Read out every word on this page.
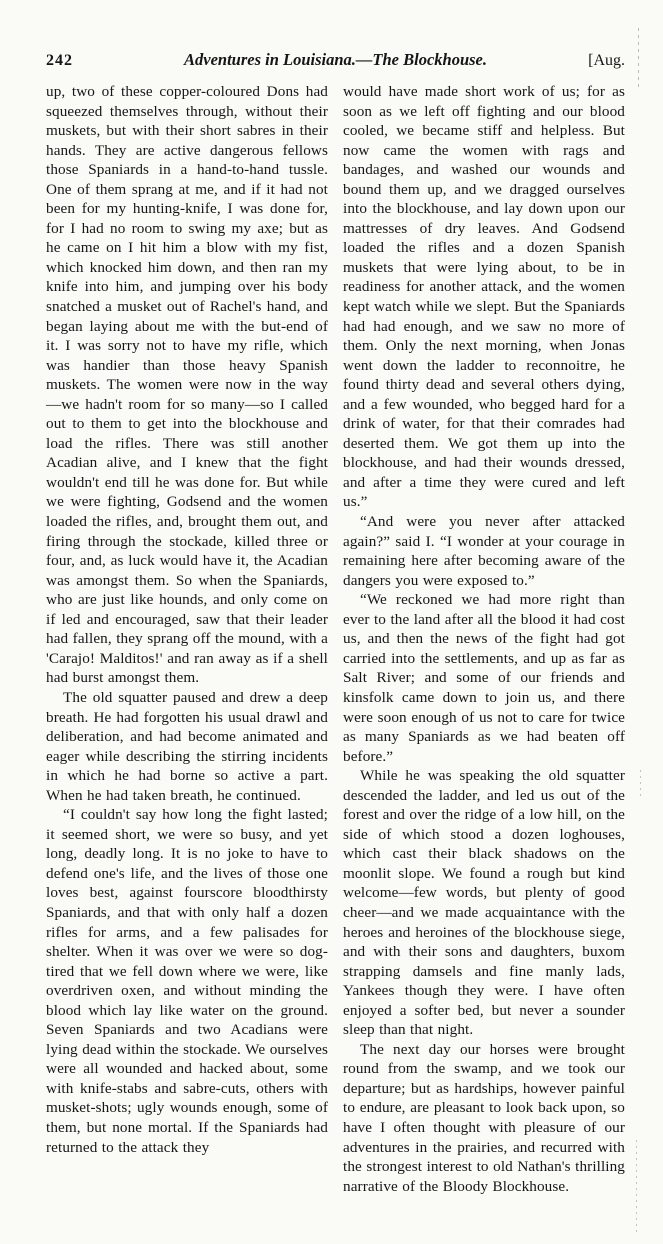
242	Adventures in Louisiana.—The Blockhouse.	[Aug.

up, two of these copper-coloured Dons had squeezed themselves through, without their muskets, but with their short sabres in their hands. They are active dangerous fellows those Spaniards in a hand-to-hand tussle. One of them sprang at me, and if it had not been for my hunting-knife, I was done for, for I had no room to swing my axe; but as he came on I hit him a blow with my fist, which knocked him down, and then ran my knife into him, and jumping over his body snatched a musket out of Rachel's hand, and began laying about me with the but-end of it. I was sorry not to have my rifle, which was handier than those heavy Spanish muskets. The women were now in the way—we hadn't room for so many—so I called out to them to get into the blockhouse and load the rifles. There was still another Acadian alive, and I knew that the fight wouldn't end till he was done for. But while we were fighting, Godsend and the women loaded the rifles, and, brought them out, and firing through the stockade, killed three or four, and, as luck would have it, the Acadian was amongst them. So when the Spaniards, who are just like hounds, and only come on if led and encouraged, saw that their leader had fallen, they sprang off the mound, with a 'Carajo! Malditos!' and ran away as if a shell had burst amongst them.

The old squatter paused and drew a deep breath. He had forgotten his usual drawl and deliberation, and had become animated and eager while describing the stirring incidents in which he had borne so active a part. When he had taken breath, he continued.

“I couldn't say how long the fight lasted; it seemed short, we were so busy, and yet long, deadly long. It is no joke to have to defend one's life, and the lives of those one loves best, against fourscore bloodthirsty Spaniards, and that with only half a dozen rifles for arms, and a few palisades for shelter. When it was over we were so dog-tired that we fell down where we were, like overdriven oxen, and without minding the blood which lay like water on the ground. Seven Spaniards and two Acadians were lying dead within the stockade. We ourselves were all wounded and hacked about, some with knife-stabs and sabre-cuts, others with musket-shots; ugly wounds enough, some of them, but none mortal. If the Spaniards had returned to the attack they

would have made short work of us; for as soon as we left off fighting and our blood cooled, we became stiff and helpless. But now came the women with rags and bandages, and washed our wounds and bound them up, and we dragged ourselves into the blockhouse, and lay down upon our mattresses of dry leaves. And Godsend loaded the rifles and a dozen Spanish muskets that were lying about, to be in readiness for another attack, and the women kept watch while we slept. But the Spaniards had had enough, and we saw no more of them. Only the next morning, when Jonas went down the ladder to reconnoitre, he found thirty dead and several others dying, and a few wounded, who begged hard for a drink of water, for that their comrades had deserted them. We got them up into the blockhouse, and had their wounds dressed, and after a time they were cured and left us.”

“And were you never after attacked again?” said I. “I wonder at your courage in remaining here after becoming aware of the dangers you were exposed to.”

“We reckoned we had more right than ever to the land after all the blood it had cost us, and then the news of the fight had got carried into the settlements, and up as far as Salt River; and some of our friends and kinsfolk came down to join us, and there were soon enough of us not to care for twice as many Spaniards as we had beaten off before.”

While he was speaking the old squatter descended the ladder, and led us out of the forest and over the ridge of a low hill, on the side of which stood a dozen loghouses, which cast their black shadows on the moonlit slope. We found a rough but kind welcome—few words, but plenty of good cheer—and we made acquaintance with the heroes and heroines of the blockhouse siege, and with their sons and daughters, buxom strapping damsels and fine manly lads, Yankees though they were. I have often enjoyed a softer bed, but never a sounder sleep than that night.

The next day our horses were brought round from the swamp, and we took our departure; but as hardships, however painful to endure, are pleasant to look back upon, so have I often thought with pleasure of our adventures in the prairies, and recurred with the strongest interest to old Nathan's thrilling narrative of the Bloody Blockhouse.
